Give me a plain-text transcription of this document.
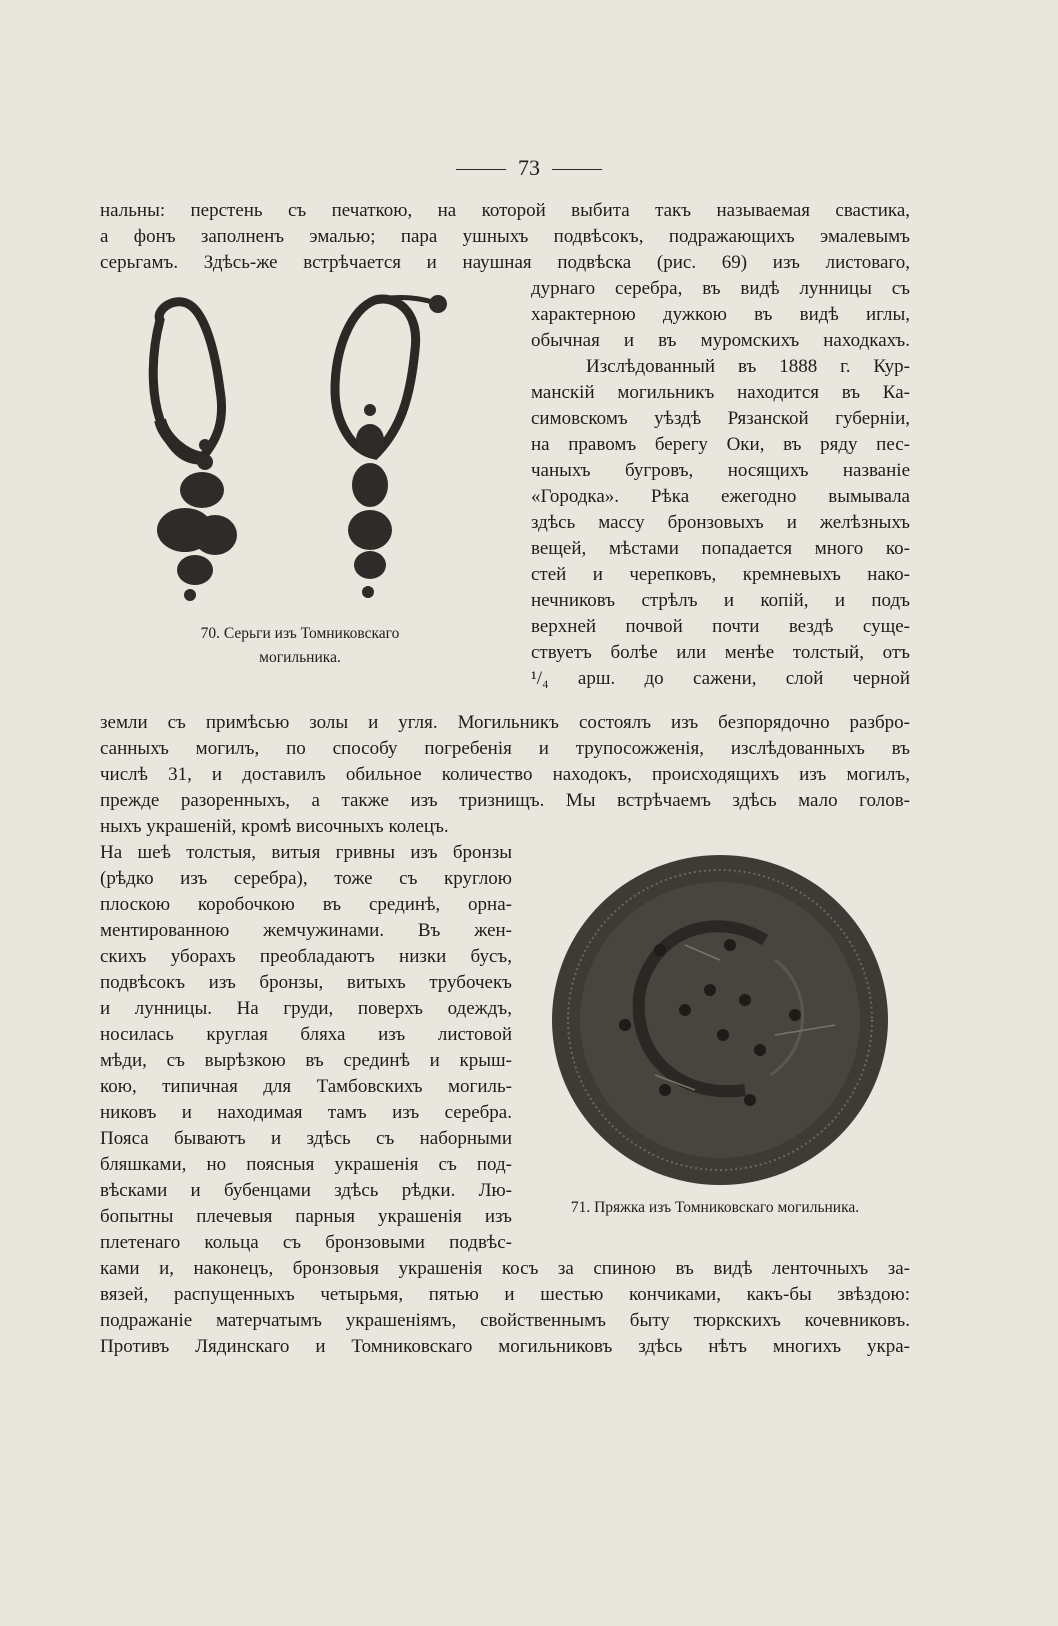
73
нальны: перстень съ печаткою, на которой выбита такъ называемая свастика,
а фонъ заполненъ эмалью; пара ушныхъ подвѣсокъ, подражающихъ эмалевымъ
серьгамъ. Здѣсь-же встрѣчается и наушная подвѣска (рис. 69) изъ листоваго,
дурнаго серебра, въ видѣ лунницы съ
характерною дужкою въ видѣ иглы,
обычная и въ муромскихъ находкахъ.
Изслѣдованный въ 1888 г. Кур-
манскій могильникъ находится въ Ка-
симовскомъ уѣздѣ Рязанской губерніи,
на правомъ берегу Оки, въ ряду пес-
чаныхъ бугровъ, носящихъ названіе
«Городка». Рѣка ежегодно вымывала
здѣсь массу бронзовыхъ и желѣзныхъ
вещей, мѣстами попадается много ко-
стей и черепковъ, кремневыхъ нако-
нечниковъ стрѣлъ и копій, и подъ
верхней почвой почти вездѣ суще-
ствуетъ болѣе или менѣе толстый, отъ
¹/₄ арш. до сажени, слой черной
70. Серьги изъ Томниковскаго
могильника.
земли съ примѣсью золы и угля. Могильникъ состоялъ изъ безпорядочно разбро-
санныхъ могилъ, по способу погребенія и трупосожженія, изслѣдованныхъ въ
числѣ 31, и доставилъ обильное количество находокъ, происходящихъ изъ могилъ,
прежде разоренныхъ, а также изъ тризнищъ. Мы встрѣчаемъ здѣсь мало голов-
ныхъ украшеній, кромѣ височныхъ колецъ.
На шеѣ толстыя, витыя гривны изъ бронзы
(рѣдко изъ серебра), тоже съ круглою
плоскою коробочкою въ срединѣ, орна-
ментированною жемчужинами. Въ жен-
скихъ уборахъ преобладаютъ низки бусъ,
подвѣсокъ изъ бронзы, витыхъ трубочекъ
и лунницы. На груди, поверхъ одеждъ,
носилась круглая бляха изъ листовой
мѣди, съ вырѣзкою въ срединѣ и крыш-
кою, типичная для Тамбовскихъ могиль-
никовъ и находимая тамъ изъ серебра.
Пояса бываютъ и здѣсь съ наборными
бляшками, но поясныя украшенія съ под-
вѣсками и бубенцами здѣсь рѣдки. Лю-
бопытны плечевыя парныя украшенія изъ
плетенаго кольца съ бронзовыми подвѣс-
71. Пряжка изъ Томниковскаго могильника.
ками и, наконецъ, бронзовыя украшенія косъ за спиною въ видѣ ленточныхъ за-
вязей, распущенныхъ четырьмя, пятью и шестью кончиками, какъ-бы звѣздою:
подражаніе матерчатымъ украшеніямъ, свойственнымъ быту тюркскихъ кочевниковъ.
Противъ Лядинскаго и Томниковскаго могильниковъ здѣсь нѣтъ многихъ укра-
